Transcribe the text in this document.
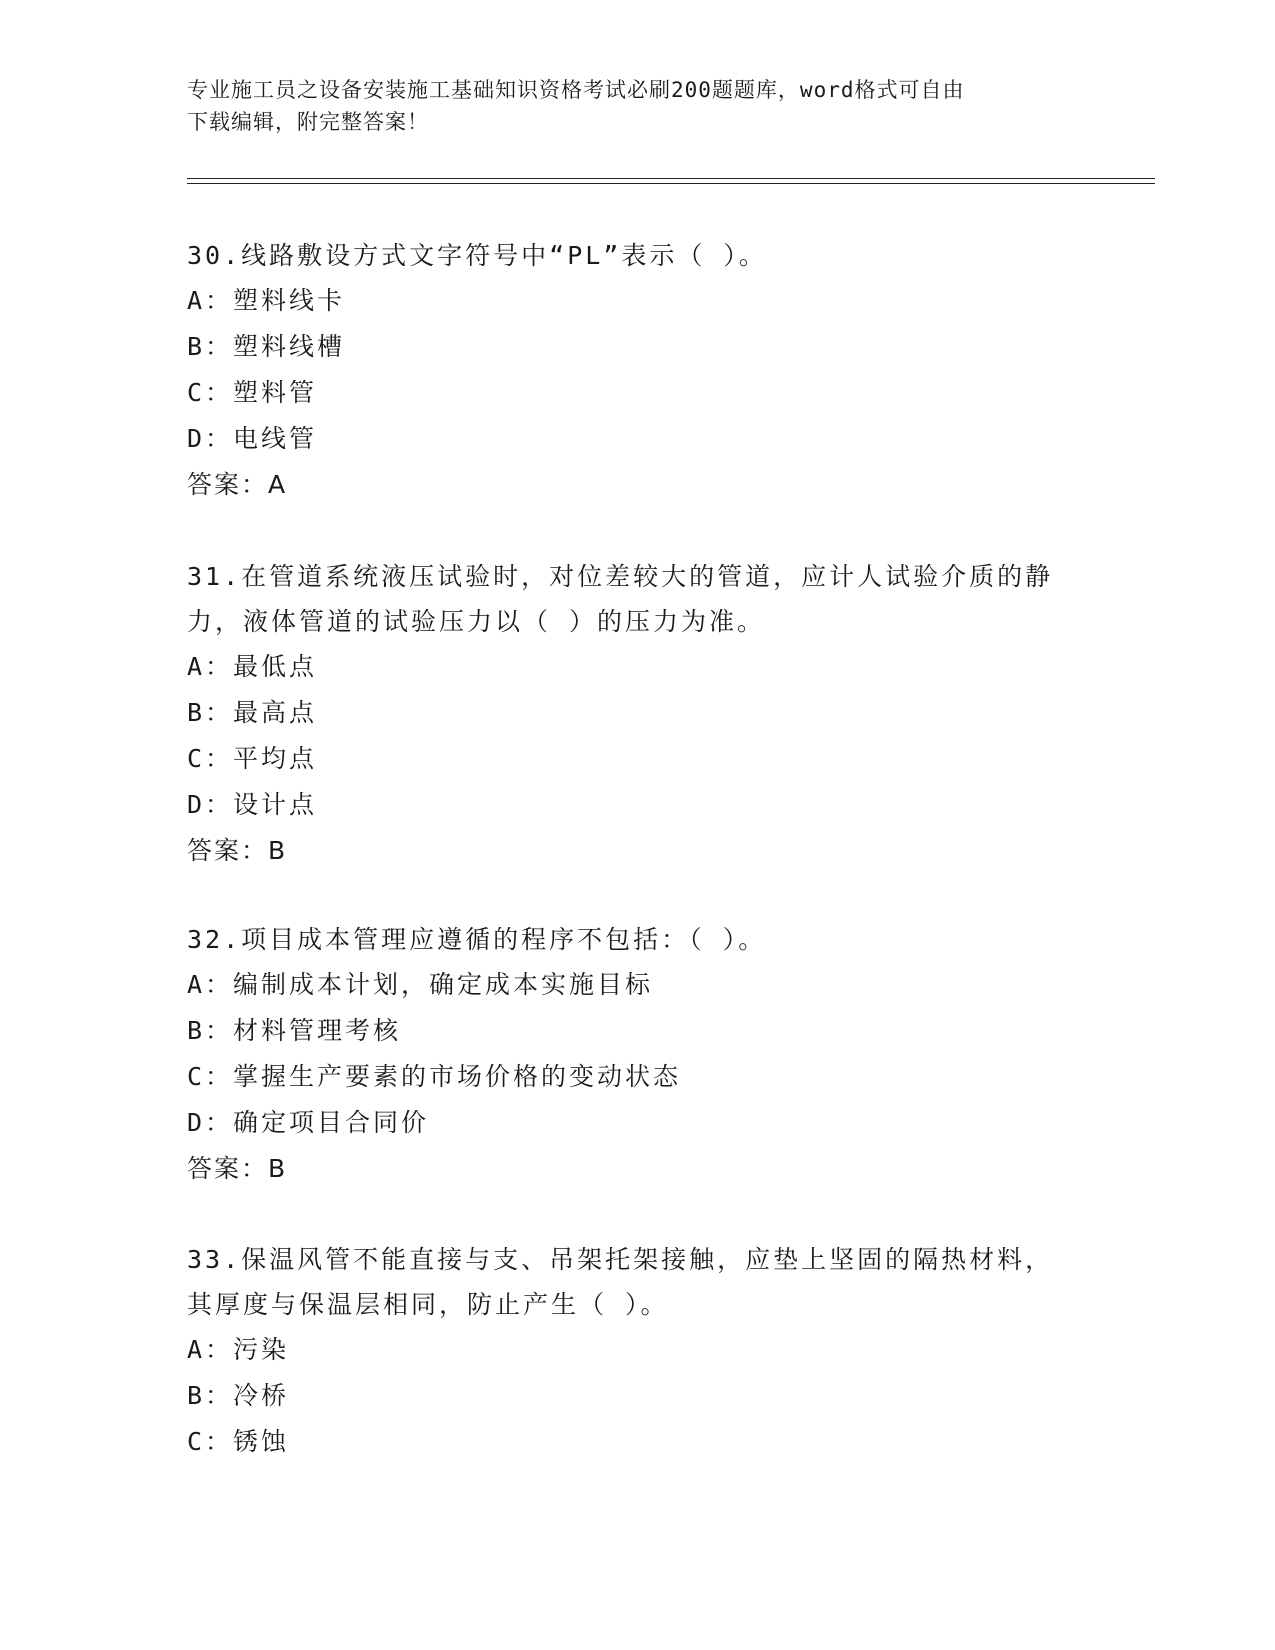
专业施工员之设备安装施工基础知识资格考试必刷200题题库，word格式可自由
下载编辑，附完整答案！
30.线路敷设方式文字符号中“PL”表示（ ）。
A：塑料线卡
B：塑料线槽
C：塑料管
D：电线管
答案：A
31.在管道系统液压试验时，对位差较大的管道，应计人试验介质的静
力，液体管道的试验压力以（ ）的压力为准。
A：最低点
B：最高点
C：平均点
D：设计点
答案：B
32.项目成本管理应遵循的程序不包括：（ ）。
A：编制成本计划，确定成本实施目标
B：材料管理考核
C：掌握生产要素的市场价格的变动状态
D：确定项目合同价
答案：B
33.保温风管不能直接与支、吊架托架接触，应垫上坚固的隔热材料，
其厚度与保温层相同，防止产生（ ）。
A：污染
B：冷桥
C：锈蚀
